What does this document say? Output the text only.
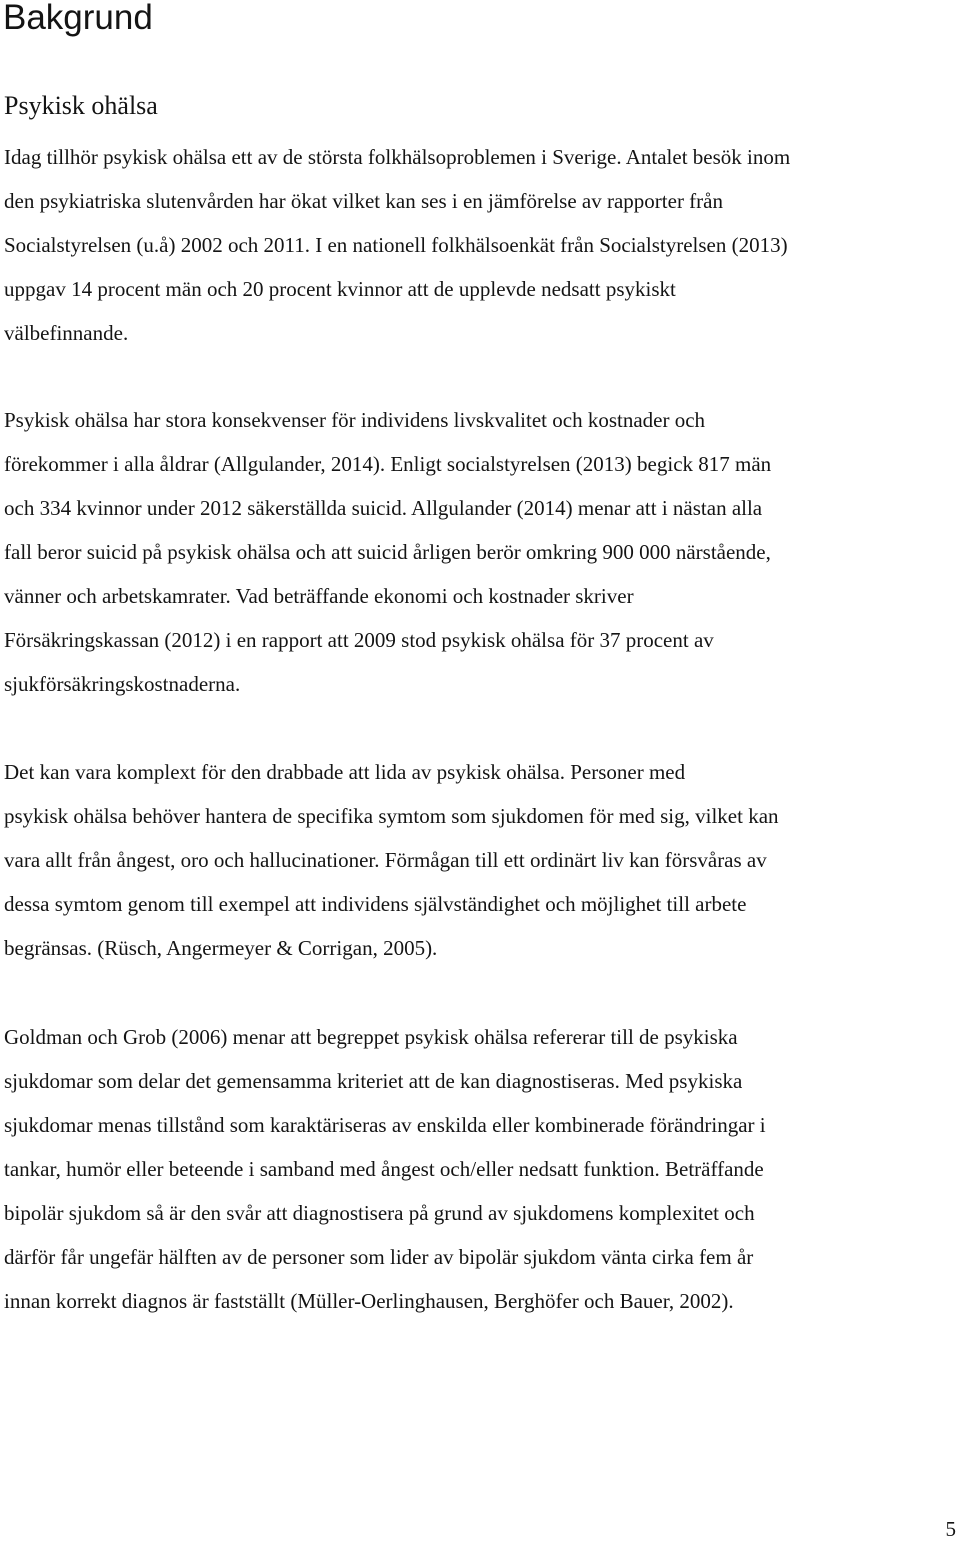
Bakgrund
Psykisk ohälsa

Idag tillhör psykisk ohälsa ett av de största folkhälsoproblemen i Sverige. Antalet besök inom
den psykiatriska slutenvården har ökat vilket kan ses i en jämförelse av rapporter från
Socialstyrelsen (u.å) 2002 och 2011. I en nationell folkhälsoenkät från Socialstyrelsen (2013)
uppgav 14 procent män och 20 procent kvinnor att de upplevde nedsatt psykiskt
välbefinnande.

Psykisk ohälsa har stora konsekvenser för individens livskvalitet och kostnader och
förekommer i alla åldrar (Allgulander, 2014). Enligt socialstyrelsen (2013) begick 817 män
och 334 kvinnor under 2012 säkerställda suicid. Allgulander (2014) menar att i nästan alla
fall beror suicid på psykisk ohälsa och att suicid årligen berör omkring 900 000 närstående,
vänner och arbetskamrater. Vad beträffande ekonomi och kostnader skriver
Försäkringskassan (2012) i en rapport att 2009 stod psykisk ohälsa för 37 procent av
sjukförsäkringskostnaderna.

Det kan vara komplext för den drabbade att lida av psykisk ohälsa. Personer med
psykisk ohälsa behöver hantera de specifika symtom som sjukdomen för med sig, vilket kan
vara allt från ångest, oro och hallucinationer. Förmågan till ett ordinärt liv kan försvåras av
dessa symtom genom till exempel att individens självständighet och möjlighet till arbete
begränsas. (Rüsch, Angermeyer & Corrigan, 2005).

Goldman och Grob (2006) menar att begreppet psykisk ohälsa refererar till de psykiska
sjukdomar som delar det gemensamma kriteriet att de kan diagnostiseras. Med psykiska
sjukdomar menas tillstånd som karaktäriseras av enskilda eller kombinerade förändringar i
tankar, humör eller beteende i samband med ångest och/eller nedsatt funktion. Beträffande
bipolär sjukdom så är den svår att diagnostisera på grund av sjukdomens komplexitet och
därför får ungefär hälften av de personer som lider av bipolär sjukdom vänta cirka fem år
innan korrekt diagnos är fastställt (Müller-Oerlinghausen, Berghöfer och Bauer, 2002).

5
